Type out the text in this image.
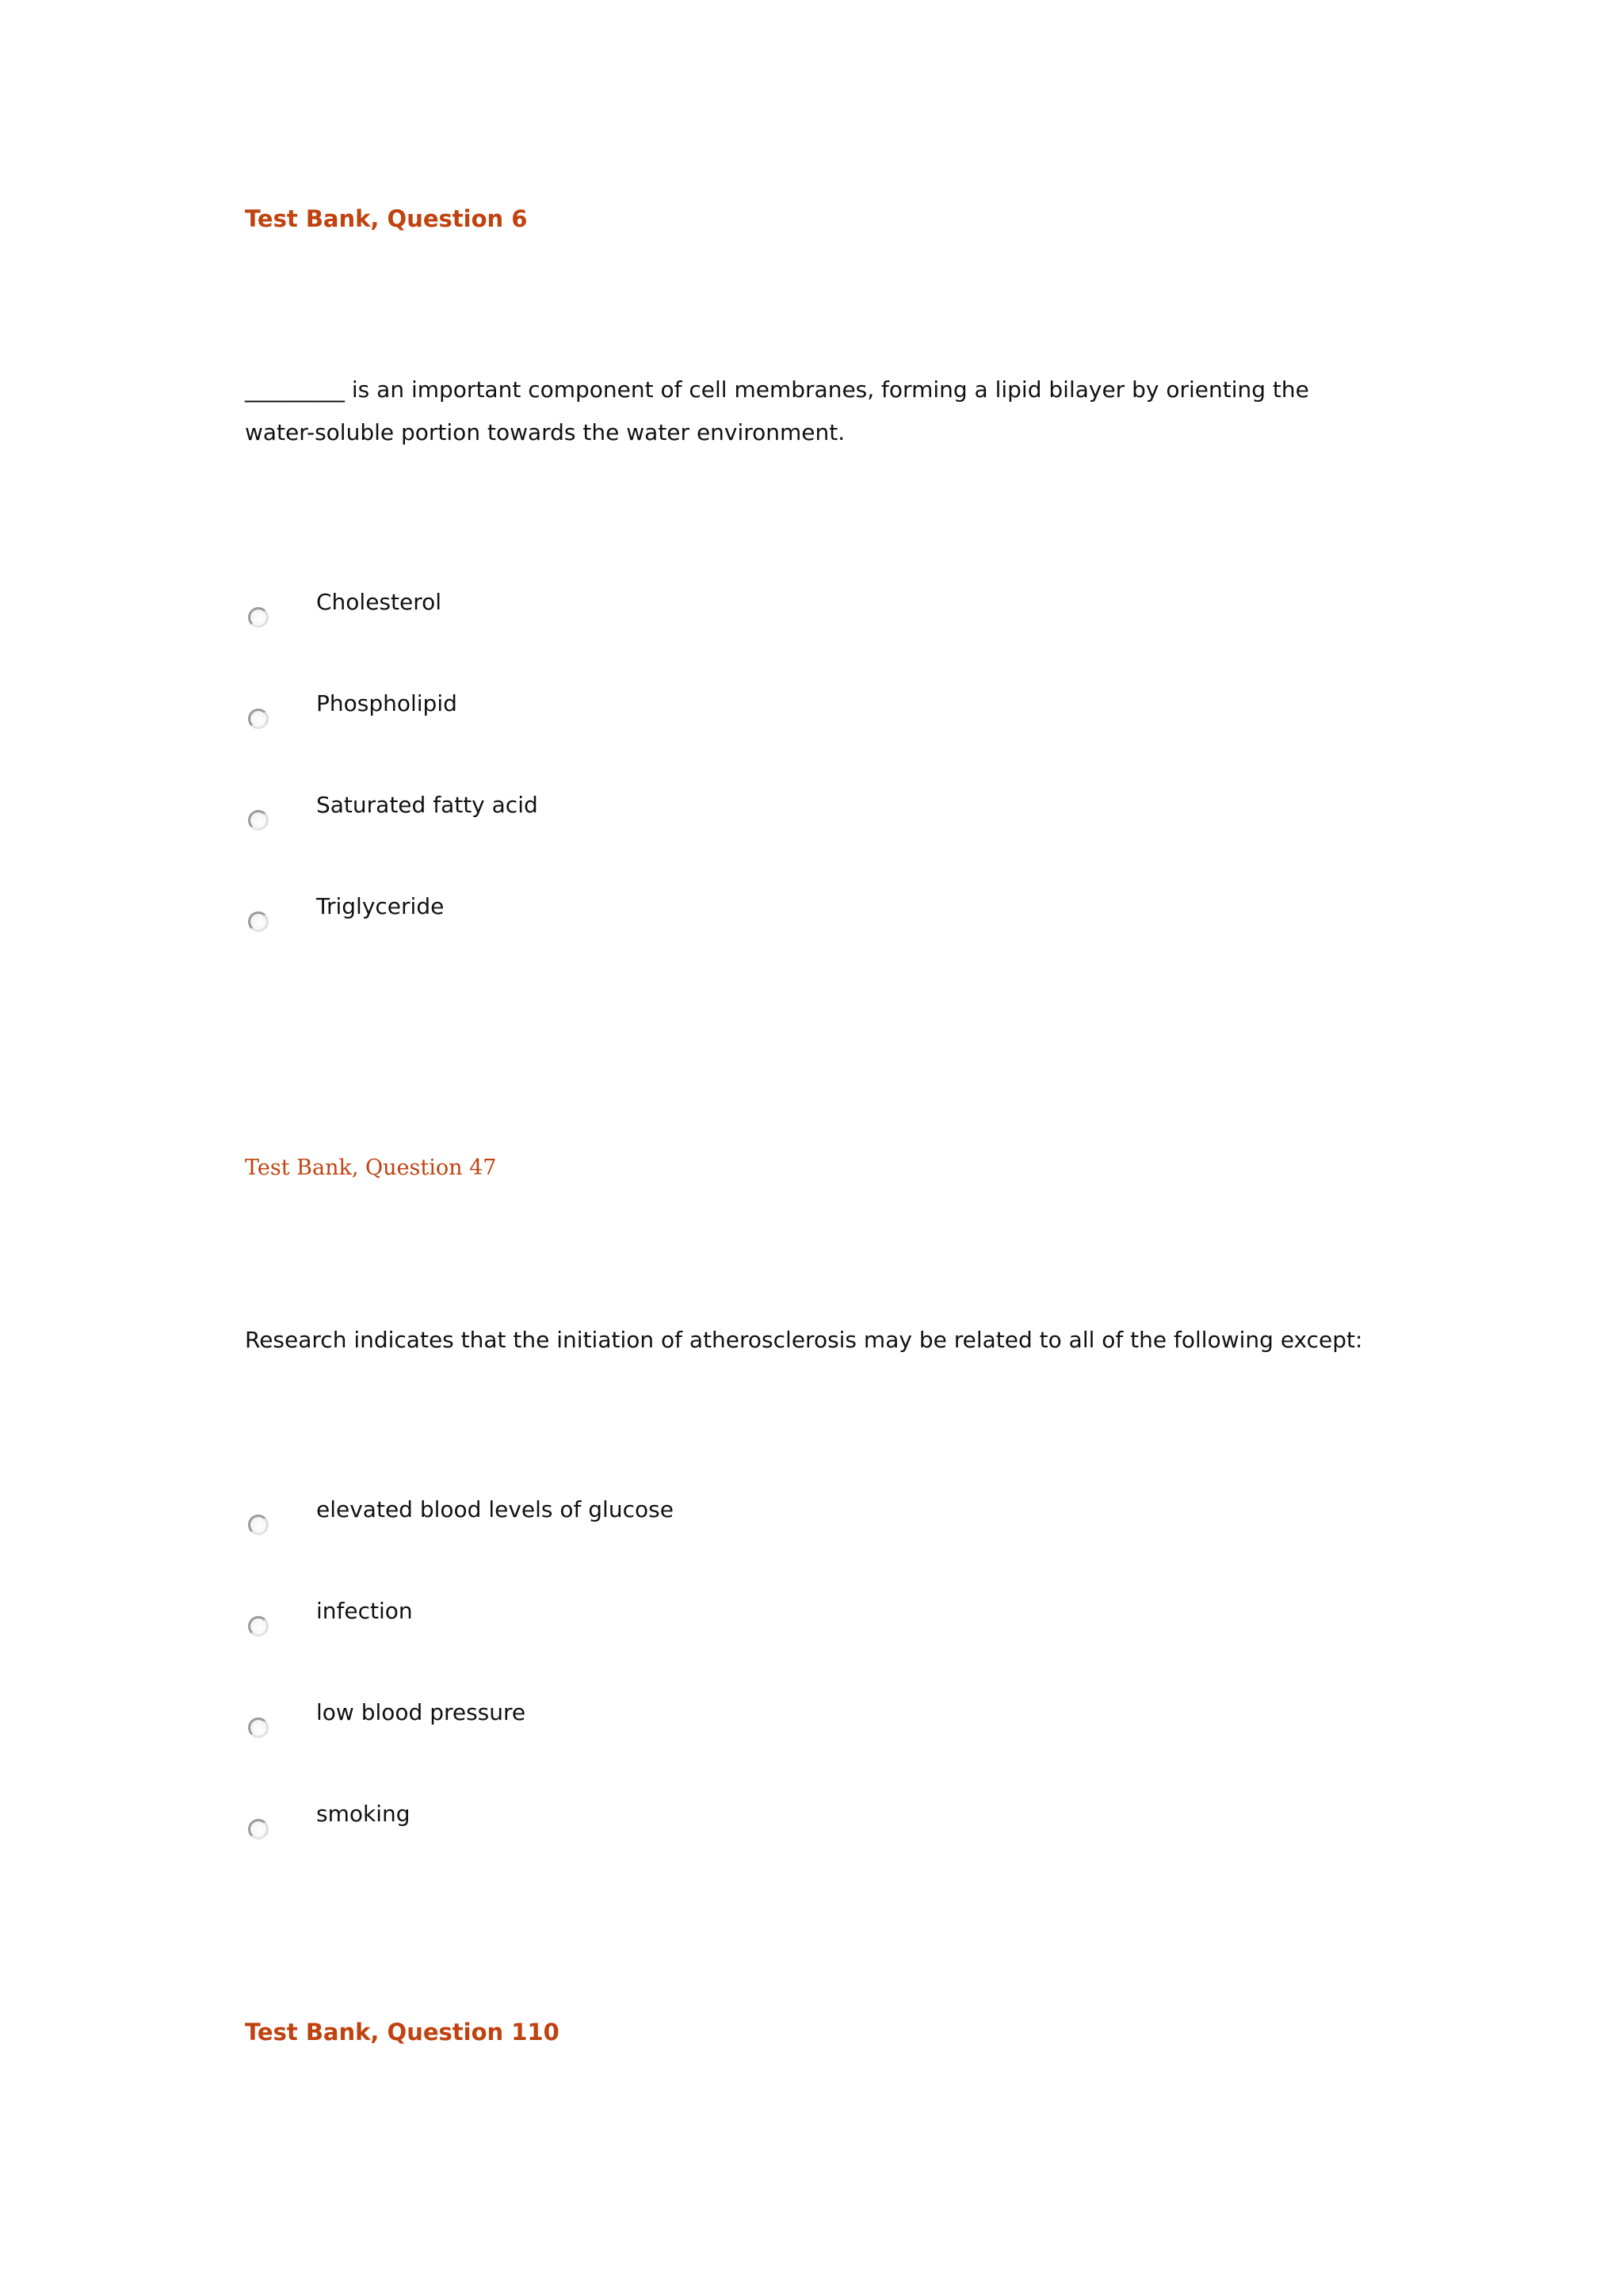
Test Bank, Question 6
_________ is an important component of cell membranes, forming a lipid bilayer by orienting the water-soluble portion towards the water environment.
Cholesterol
Phospholipid
Saturated fatty acid
Triglyceride
Test Bank, Question 47
Research indicates that the initiation of atherosclerosis may be related to all of the following except:
elevated blood levels of glucose
infection
low blood pressure
smoking
Test Bank, Question 110
